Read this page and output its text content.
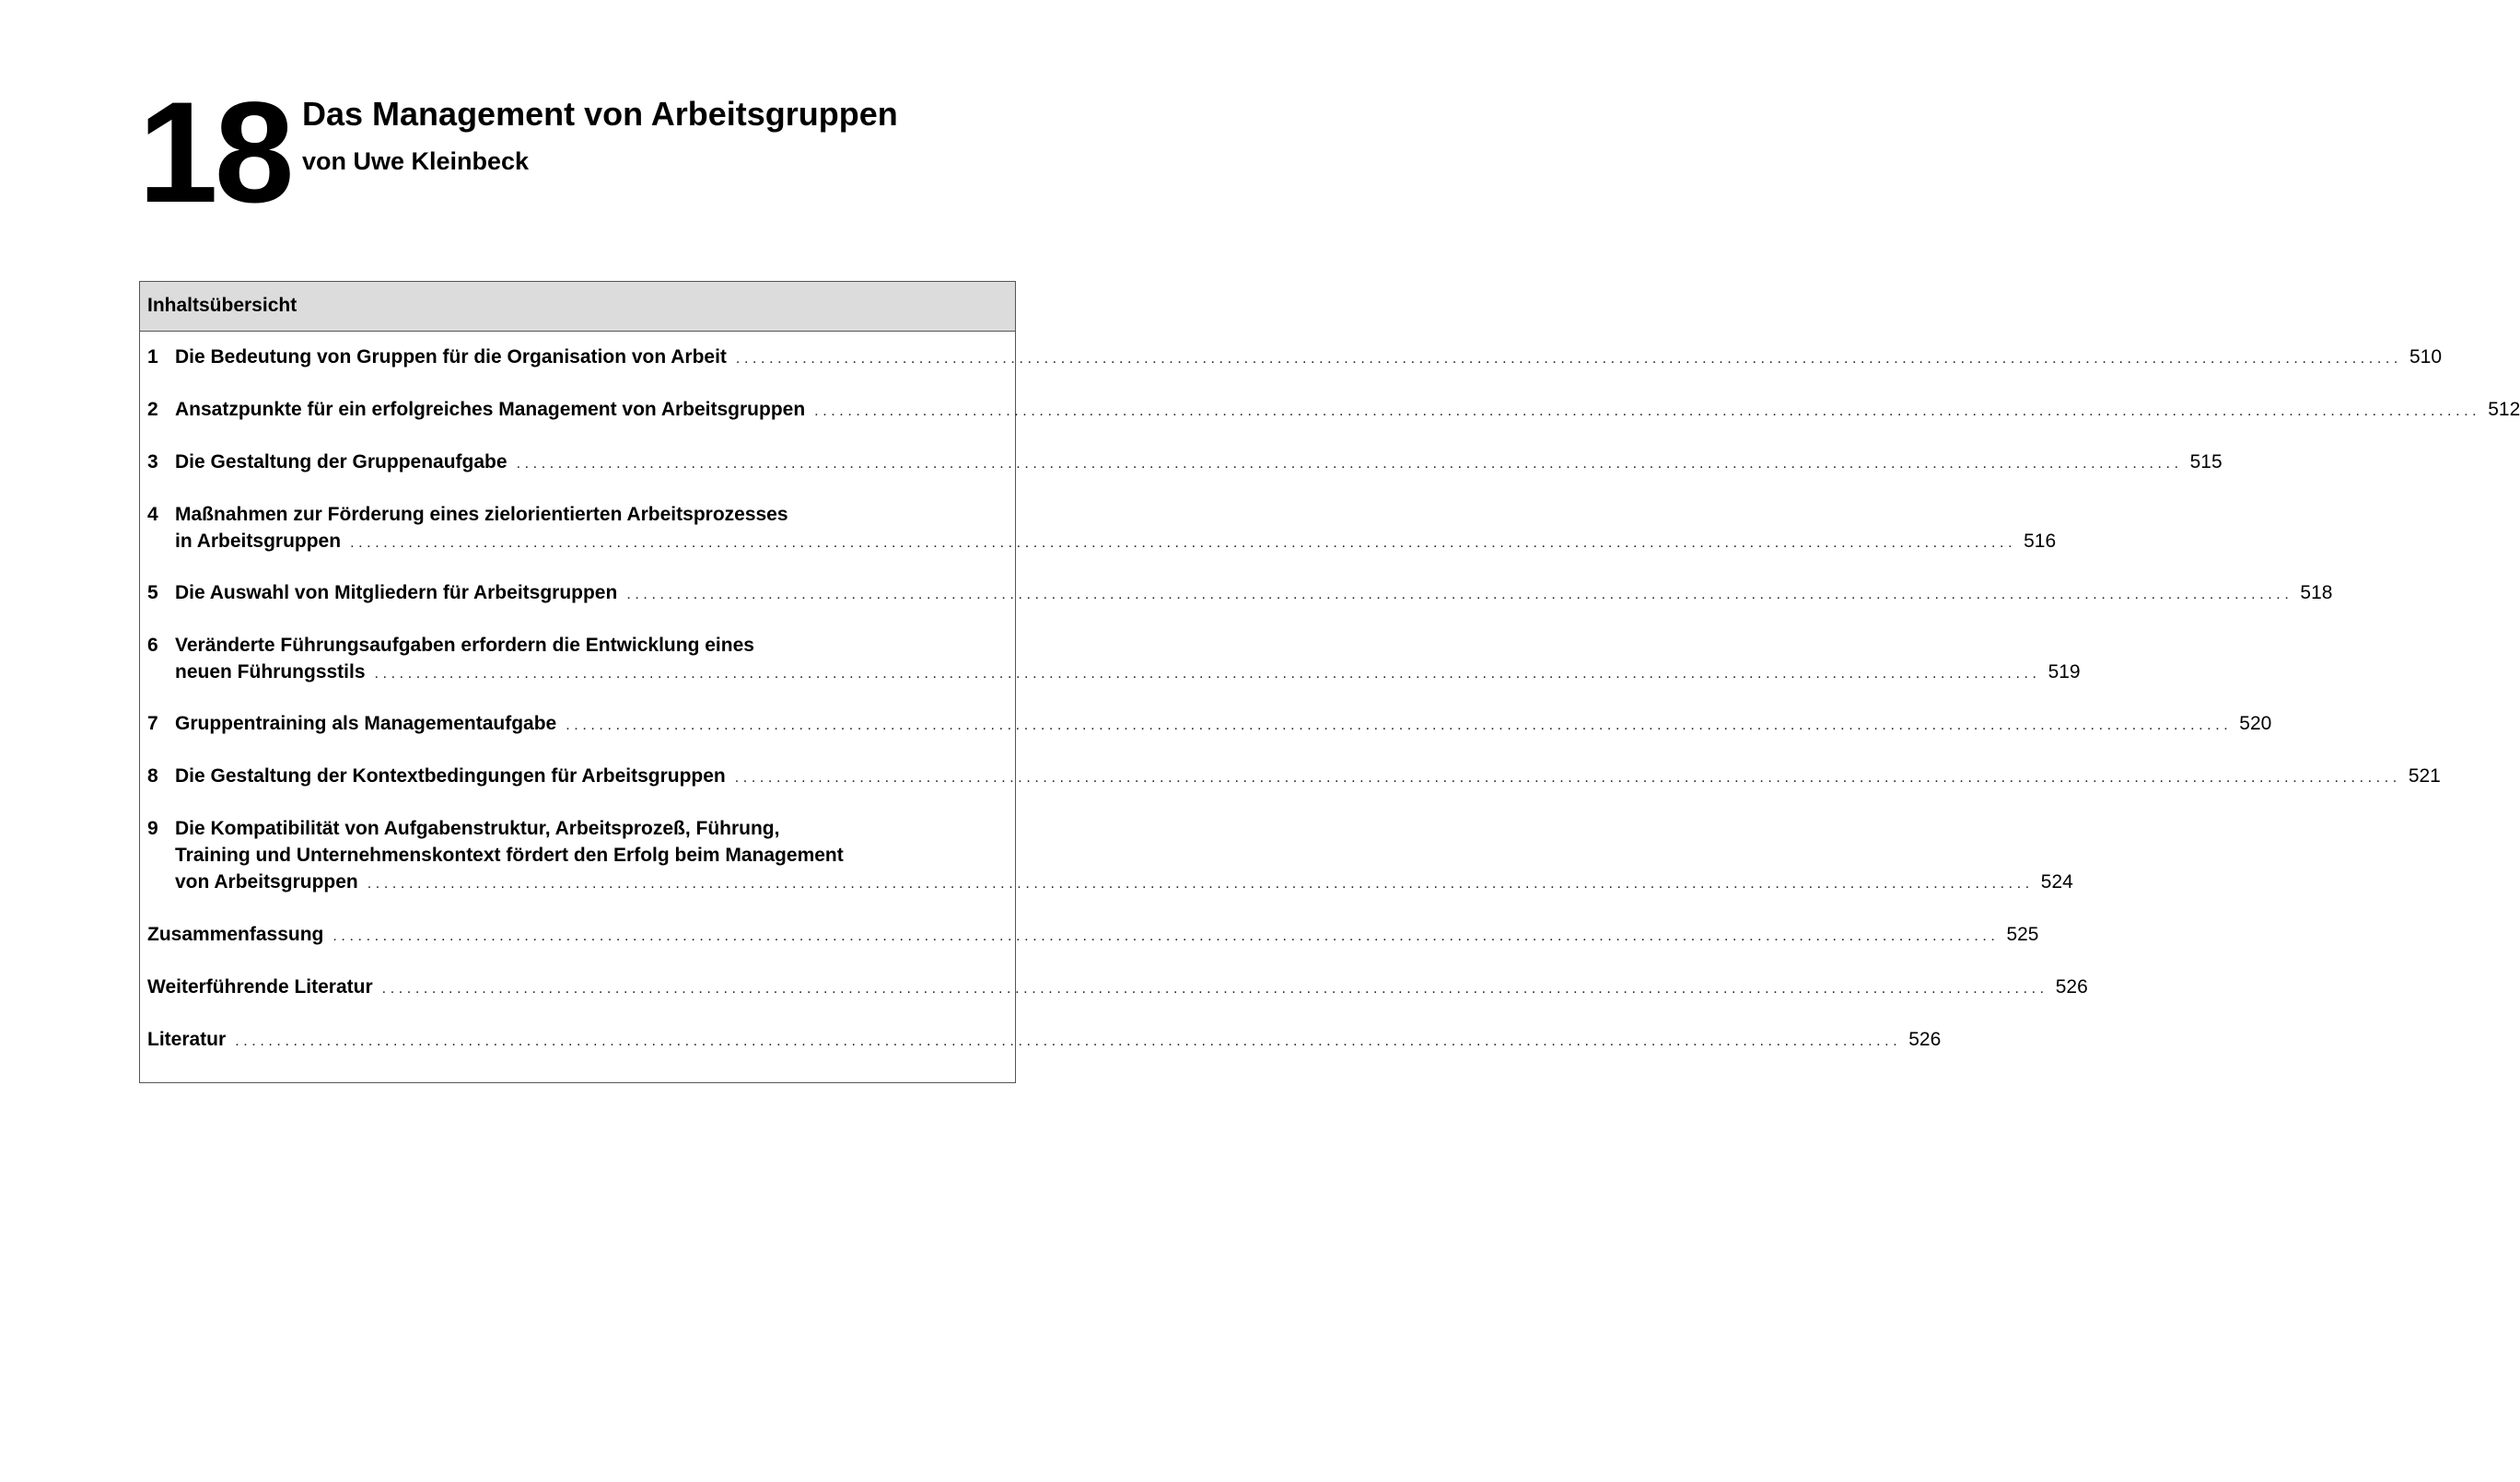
18 Das Management von Arbeitsgruppen
von Uwe Kleinbeck
Inhaltsübersicht
1 Die Bedeutung von Gruppen für die Organisation von Arbeit ........................................................................................................................................................................................................ 510
2 Ansatzpunkte für ein erfolgreiches Management von Arbeitsgruppen ........................................................................................................................................................................................................ 512
3 Die Gestaltung der Gruppenaufgabe ........................................................................................................................................................................................................ 515
4 Maßnahmen zur Förderung eines zielorientierten Arbeitsprozesses
in Arbeitsgruppen ........................................................................................................................................................................................................ 516
5 Die Auswahl von Mitgliedern für Arbeitsgruppen ........................................................................................................................................................................................................ 518
6 Veränderte Führungsaufgaben erfordern die Entwicklung eines
neuen Führungsstils ........................................................................................................................................................................................................ 519
7 Gruppentraining als Managementaufgabe ........................................................................................................................................................................................................ 520
8 Die Gestaltung der Kontextbedingungen für Arbeitsgruppen ........................................................................................................................................................................................................ 521
9 Die Kompatibilität von Aufgabenstruktur, Arbeitsprozeß, Führung,
Training und Unternehmenskontext fördert den Erfolg beim Management
von Arbeitsgruppen ........................................................................................................................................................................................................ 524
Zusammenfassung ........................................................................................................................................................................................................ 525
Weiterführende Literatur ........................................................................................................................................................................................................ 526
Literatur ........................................................................................................................................................................................................ 526
